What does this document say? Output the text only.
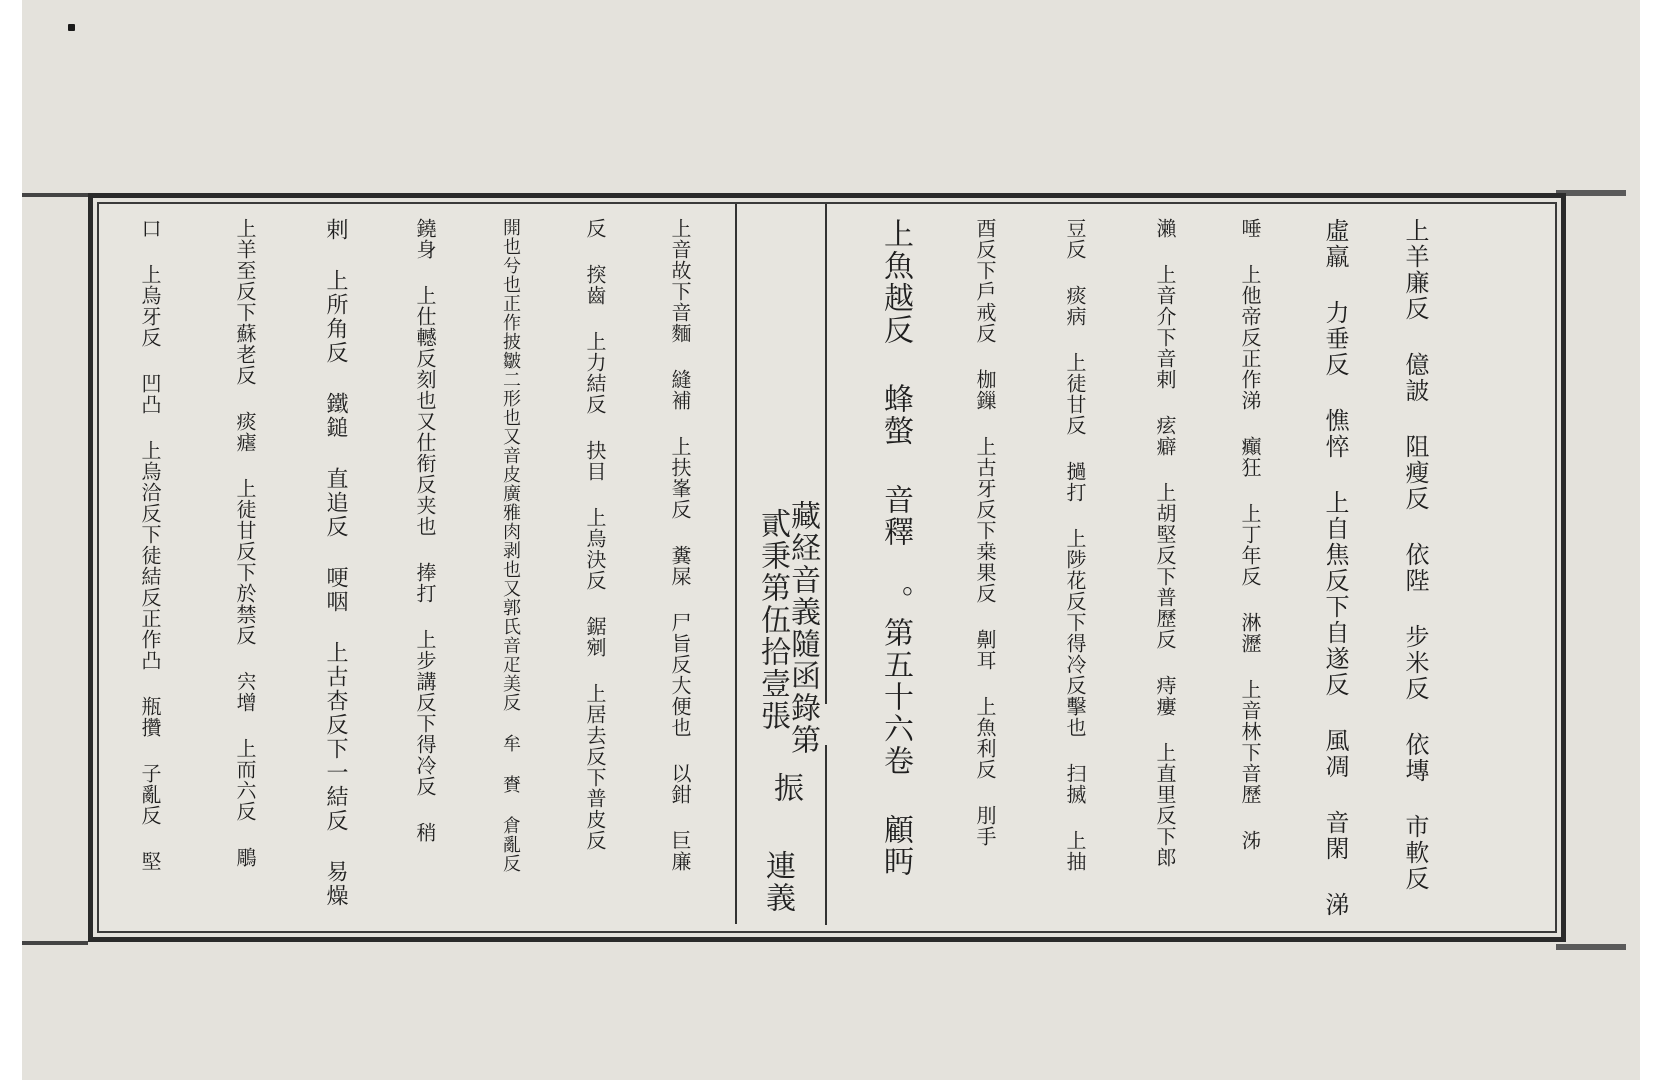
上羊廉反 億詖 阻瘦反 依陛 步米反 依塼 市軟反
虛羸 力垂反 憔悴 上自焦反下自遂反 風凋 音閑 涕
唾 上他帝反正作涕 癲狂 上丁年反 淋瀝 上音林下音歷 泲
瀨 上音介下音剌 痃癖 上胡堅反下普歷反 痔瘻 上直里反下郎
豆反 痰病 上徒甘反 撾打 上陟花反下得冷反擊也 扫搣 上抽
酉反下戶戒反 枷鏁 上古牙反下桒果反 劓耳 上魚利反 刖手
上魚越反 蜂螫 音釋 。第五十六卷 顧眄
藏経音義隨函錄第
貳秉第伍拾壹張
振
連義
上音故下音麵 縫補 上扶峯反 糞屎 尸旨反大便也 以鉗 巨廉
反 揬齒 上力結反 抉目 上烏決反 鋸剜 上居去反下普皮反
開也兮也正作披皺二形也又音皮廣雅肉剥也又郭氏音疋美反 牟 賚 倉亂反
鐃身 上仕轗反刻也又仕衔反夹也 捧打 上步講反下得冷反 稍
剌 上所角反 鐵鎚 直追反 哽咽 上古杏反下一結反 易燥
上羊至反下蘇老反 痰瘧 上徒甘反下於禁反 宍增 上而六反 鵰
口 上烏牙反 凹凸 上烏洽反下徒結反正作凸 瓶攢 子亂反 堅
